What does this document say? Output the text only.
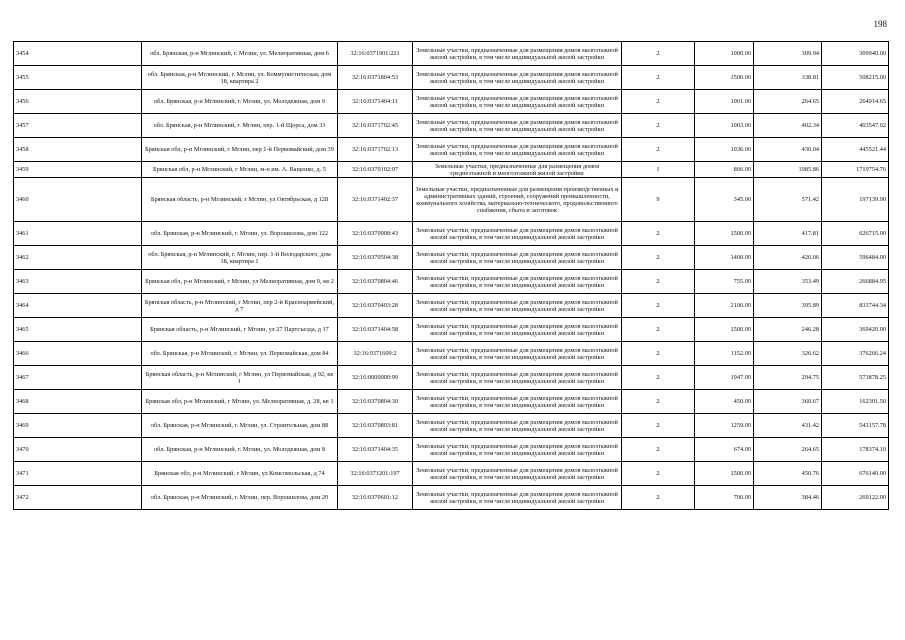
198
3454	обл. Брянская, р-н Мглинский, г. Мглин, ул. Мелиоративная, дом 6	32:16:0371901:221	Земельные участки, предназначенные для размещения домов малоэтажной жилой застройки, в том числе индивидуальной жилой застройки	2	1000.00	309.94	309940.00
3455	обл. Брянская, р-н Мглинский, г. Мглин, ул. Коммунистическая, дом 18, квартира 2	32:16:0371804:53	Земельные участки, предназначенные для размещения домов малоэтажной жилой застройки, в том числе индивидуальной жилой застройки	2	1500.00	338.81	508215.00
3456	обл. Брянская, р-н Мглинский, г. Мглин, ул. Молодежная, дом 9	32:16:0371404:11	Земельные участки, предназначенные для размещения домов малоэтажной жилой застройки, в том числе индивидуальной жилой застройки	2	1001.00	264.65	264914.65
3457	обл. Брянская, р-н Мглинский, г. Мглин, пер. 1-й Щорса, дом 33	32:16:0371702:45	Земельные участки, предназначенные для размещения домов малоэтажной жилой застройки, в том числе индивидуальной жилой застройки	2	1003.00	402.34	403547.02
3458	Брянская обл, р-н Мглинский, г Мглин, пер 1-й Первомайский, дом 39	32:16:0371702:13	Земельные участки, предназначенные для размещения домов малоэтажной жилой застройки, в том числе индивидуальной жилой застройки	2	1036.00	430.04	445521.44
3459	Брянская обл, р-н Мглинский, г Мглин, м-н им. А. Ващенко, д. 5	32:16:0370102:97	Земельные участки, предназначенные для размещения домов среднеэтажной и многоэтажной жилой застройки	1	866.00	1985.86	1719754.76
3460	Брянская область, р-н Мглинский, г Мглин, ул Октябрьская, д 128	32:16:0371402:37	Земельные участки, предназначенные для размещения производственных и административных зданий, строений, сооружений промышленности, коммунального хозяйства, материально-технического, продовольственного снабжения, сбыта и заготовок	9	345.00	571.42	197139.90
3461	обл. Брянская, р-н Мглинский, г. Мглин, ул. Ворошилова, дом 122	32:16:0370908:43	Земельные участки, предназначенные для размещения домов малоэтажной жилой застройки, в том числе индивидуальной жилой застройки	2	1500.00	417.81	626715.00
3462	обл. Брянская, р-н Мглинский, г. Мглин, пер. 1-й Володарского, дом 18, квартира 1	32:16:0370504:38	Земельные участки, предназначенные для размещения домов малоэтажной жилой застройки, в том числе индивидуальной жилой застройки	2	1400.00	426.06	596484.00
3463	Брянская обл, р-н Мглинский, г Мглин, ул Мелиоративная, дом 9, кв 2	32:16:0370804:46	Земельные участки, предназначенные для размещения домов малоэтажной жилой застройки, в том числе индивидуальной жилой застройки	2	755.00	353.49	266884.95
3464	Брянская область, р-н Мглинский, г Мглин, пер 2-й Красноармейский, д 7	32:16:0370403:28	Земельные участки, предназначенные для размещения домов малоэтажной жилой застройки, в том числе индивидуальной жилой застройки	2	2106.00	395.89	833744.34
3465	Брянская область, р-н Мглинский, г Мглин, ул 27 Партсъезда, д 17	32:16:0371404:58	Земельные участки, предназначенные для размещения домов малоэтажной жилой застройки, в том числе индивидуальной жилой застройки	2	1500.00	246.28	369420.00
3466	обл. Брянская, р-н Мглинский, г. Мглин, ул. Первомайская, дом 84	32:16:0371609:2	Земельные участки, предназначенные для размещения домов малоэтажной жилой застройки, в том числе индивидуальной жилой застройки	2	1152.00	326.62	376266.24
3467	Брянская область, р-н Мглинский, г Мглин, ул Первомайская, д 92, кв 1	32:16:0000000:99	Земельные участки, предназначенные для размещения домов малоэтажной жилой застройки, в том числе индивидуальной жилой застройки	2	1947.00	294.75	573878.25
3468	Брянская обл, р-н Мглинский, г Мглин, ул. Мелиоративная, д. 28, кв 1	32:16:0370804:30	Земельные участки, предназначенные для размещения домов малоэтажной жилой застройки, в том числе индивидуальной жилой застройки	2	450.00	360.67	162301.50
3469	обл. Брянская, р-н Мглинский, г. Мглин, ул. Строительная, дом 88	32:16:0370803:81	Земельные участки, предназначенные для размещения домов малоэтажной жилой застройки, в том числе индивидуальной жилой застройки	2	1259.00	431.42	543157.78
3470	обл. Брянская, р-н Мглинский, г. Мглин, ул. Молодежная, дом 8	32:16:0371404:35	Земельные участки, предназначенные для размещения домов малоэтажной жилой застройки, в том числе индивидуальной жилой застройки	2	674.00	264.65	178374.10
3471	Брянская обл, р-н Мглинский, г Мглин, ул Комсомольская, д 74	32:16:0371201:197	Земельные участки, предназначенные для размещения домов малоэтажной жилой застройки, в том числе индивидуальной жилой застройки	2	1500.00	450.76	676140.00
3472	обл. Брянская, р-н Мглинский, г. Мглин, пер. Ворошилова, дом 20	32:16:0370601:12	Земельные участки, предназначенные для размещения домов малоэтажной жилой застройки, в том числе индивидуальной жилой застройки	2	700.00	384.46	269122.00
